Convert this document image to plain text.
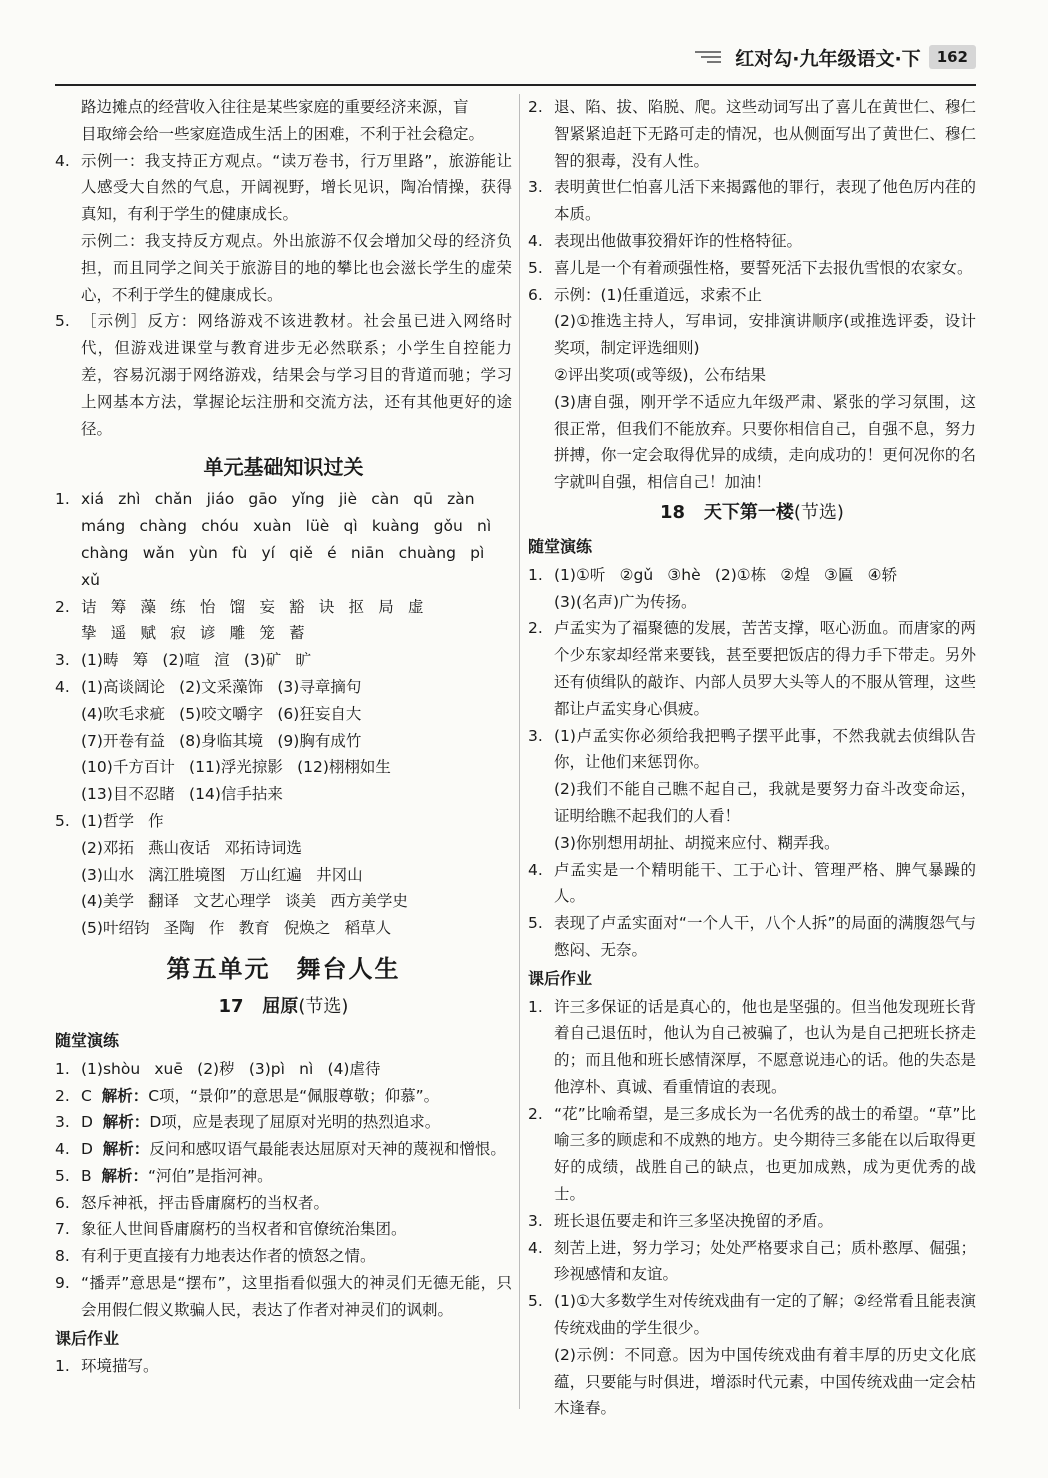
红对勾·九年级语文·下	162
路边摊点的经营收入往往是某些家庭的重要经济来源，盲
目取缔会给一些家庭造成生活上的困难，不利于社会稳定。
4. 示例一：我支持正方观点。“读万卷书，行万里路”，旅游能让人感受大自然的气息，开阔视野，增长见识，陶冶情操，获得真知，有利于学生的健康成长。
示例二：我支持反方观点。外出旅游不仅会增加父母的经济负担，而且同学之间关于旅游目的地的攀比也会滋长学生的虚荣心，不利于学生的健康成长。
5. ［示例］反方：网络游戏不该进教材。社会虽已进入网络时代，但游戏进课堂与教育进步无必然联系；小学生自控能力差，容易沉溺于网络游戏，结果会与学习目的背道而驰；学习上网基本方法，掌握论坛注册和交流方法，还有其他更好的途径。
单元基础知识过关
1. xiá zhì chǎn jiáo gāo yǐng jiè càn qū zàn
máng chàng chóu xuàn lüè qì kuàng gǒu nì
chàng wǎn yùn fù yí qiě é niān chuàng pì
xǔ
2. 诘 筹 藻 练 怡 馏 妄 豁 诀 抠 局 虚
挚 遥 赋 寂 谚 雕 笼 蓄
3. (1)畴 筹 (2)喧 渲 (3)矿 旷
4. (1)高谈阔论 (2)文采藻饰 (3)寻章摘句
(4)吹毛求疵 (5)咬文嚼字 (6)狂妄自大
(7)开卷有益 (8)身临其境 (9)胸有成竹
(10)千方百计 (11)浮光掠影 (12)栩栩如生
(13)目不忍睹 (14)信手拈来
5. (1)哲学 作
(2)邓拓 燕山夜话 邓拓诗词选
(3)山水 漓江胜境图 万山红遍 井冈山
(4)美学 翻译 文艺心理学 谈美 西方美学史
(5)叶绍钧 圣陶 作 教育 倪焕之 稻草人
第五单元　舞台人生
17 屈原(节选)
随堂演练
1. (1)shòu xuē (2)秽 (3)pì nì (4)虐待
2. C 解析：C项，“景仰”的意思是“佩服尊敬；仰慕”。
3. D 解析：D项，应是表现了屈原对光明的热烈追求。
4. D 解析：反问和感叹语气最能表达屈原对天神的蔑视和憎恨。
5. B 解析：“河伯”是指河神。
6. 怒斥神祇，抨击昏庸腐朽的当权者。
7. 象征人世间昏庸腐朽的当权者和官僚统治集团。
8. 有利于更直接有力地表达作者的愤怒之情。
9. “播弄”意思是“摆布”，这里指看似强大的神灵们无德无能，只会用假仁假义欺骗人民，表达了作者对神灵们的讽刺。
课后作业
1. 环境描写。
2. 退、陷、拔、陷脱、爬。这些动词写出了喜儿在黄世仁、穆仁智紧紧追赶下无路可走的情况，也从侧面写出了黄世仁、穆仁智的狠毒，没有人性。
3. 表明黄世仁怕喜儿活下来揭露他的罪行，表现了他色厉内荏的本质。
4. 表现出他做事狡猾奸诈的性格特征。
5. 喜儿是一个有着顽强性格，要誓死活下去报仇雪恨的农家女。
6. 示例：(1)任重道远，求索不止
(2)①推选主持人，写串词，安排演讲顺序(或推选评委，设计奖项，制定评选细则)
②评出奖项(或等级)，公布结果
(3)唐自强，刚开学不适应九年级严肃、紧张的学习氛围，这很正常，但我们不能放弃。只要你相信自己，自强不息，努力拼搏，你一定会取得优异的成绩，走向成功的！更何况你的名字就叫自强，相信自己！加油！
18 天下第一楼(节选)
随堂演练
1. (1)①听 ②gǔ ③hè (2)①栋 ②煌 ③匾 ④轿
(3)(名声)广为传扬。
2. 卢孟实为了福聚德的发展，苦苦支撑，呕心沥血。而唐家的两个少东家却经常来要钱，甚至要把饭店的得力手下带走。另外还有侦缉队的敲诈、内部人员罗大头等人的不服从管理，这些都让卢孟实身心俱疲。
3. (1)卢孟实你必须给我把鸭子摆平此事，不然我就去侦缉队告你，让他们来惩罚你。
(2)我们不能自己瞧不起自己，我就是要努力奋斗改变命运，证明给瞧不起我们的人看！
(3)你别想用胡扯、胡搅来应付、糊弄我。
4. 卢孟实是一个精明能干、工于心计、管理严格、脾气暴躁的人。
5. 表现了卢孟实面对“一个人干，八个人拆”的局面的满腹怨气与憋闷、无奈。
课后作业
1. 许三多保证的话是真心的，他也是坚强的。但当他发现班长背着自己退伍时，他认为自己被骗了，也认为是自己把班长挤走的；而且他和班长感情深厚，不愿意说违心的话。他的失态是他淳朴、真诚、看重情谊的表现。
2. “花”比喻希望，是三多成长为一名优秀的战士的希望。“草”比喻三多的顾虑和不成熟的地方。史今期待三多能在以后取得更好的成绩，战胜自己的缺点，也更加成熟，成为更优秀的战士。
3. 班长退伍要走和许三多坚决挽留的矛盾。
4. 刻苦上进，努力学习；处处严格要求自己；质朴憨厚、倔强；珍视感情和友谊。
5. (1)①大多数学生对传统戏曲有一定的了解；②经常看且能表演传统戏曲的学生很少。
(2)示例：不同意。因为中国传统戏曲有着丰厚的历史文化底蕴，只要能与时俱进，增添时代元素，中国传统戏曲一定会枯木逢春。
